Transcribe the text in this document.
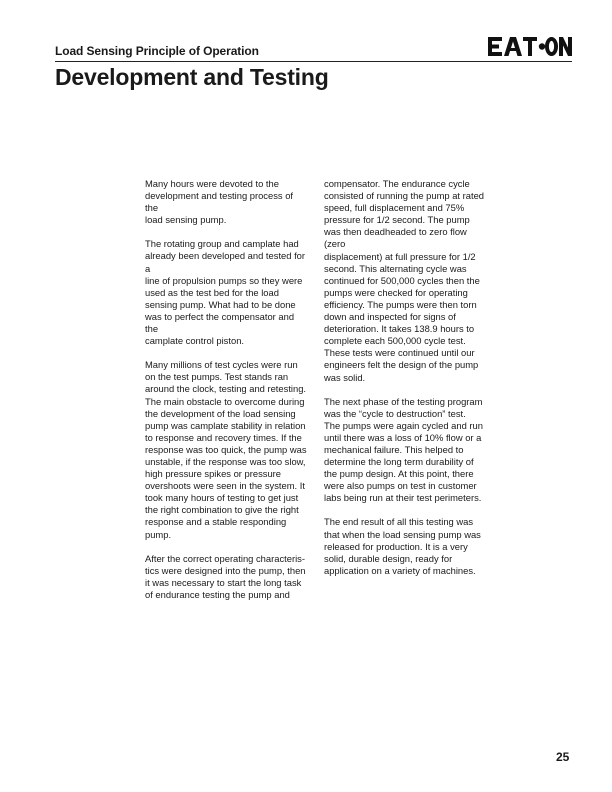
Load Sensing Principle of Operation
Development and Testing

Many hours were devoted to the
development and testing process of the
load sensing pump.

The rotating group and camplate had
already been developed and tested for a
line of propulsion pumps so they were
used as the test bed for the load
sensing pump. What had to be done
was to perfect the compensator and the
camplate control piston.

Many millions of test cycles were run
on the test pumps. Test stands ran
around the clock, testing and retesting.
The main obstacle to overcome during
the development of the load sensing
pump was camplate stability in relation
to response and recovery times. If the
response was too quick, the pump was
unstable, if the response was too slow,
high pressure spikes or pressure
overshoots were seen in the system. It
took many hours of testing to get just
the right combination to give the right
response and a stable responding
pump.

After the correct operating characteris-
tics were designed into the pump, then
it was necessary to start the long task
of endurance testing the pump and

compensator. The endurance cycle
consisted of running the pump at rated
speed, full displacement and 75%
pressure for 1/2 second. The pump
was then deadheaded to zero flow (zero
displacement) at full pressure for 1/2
second. This alternating cycle was
continued for 500,000 cycles then the
pumps were checked for operating
efficiency. The pumps were then torn
down and inspected for signs of
deterioration. It takes 138.9 hours to
complete each 500,000 cycle test.
These tests were continued until our
engineers felt the design of the pump
was solid.

The next phase of the testing program
was the “cycle to destruction” test.
The pumps were again cycled and run
until there was a loss of 10% flow or a
mechanical failure. This helped to
determine the long term durability of
the pump design. At this point, there
were also pumps on test in customer
labs being run at their test perimeters.

The end result of all this testing was
that when the load sensing pump was
released for production. It is a very
solid, durable design, ready for
application on a variety of machines.

25
